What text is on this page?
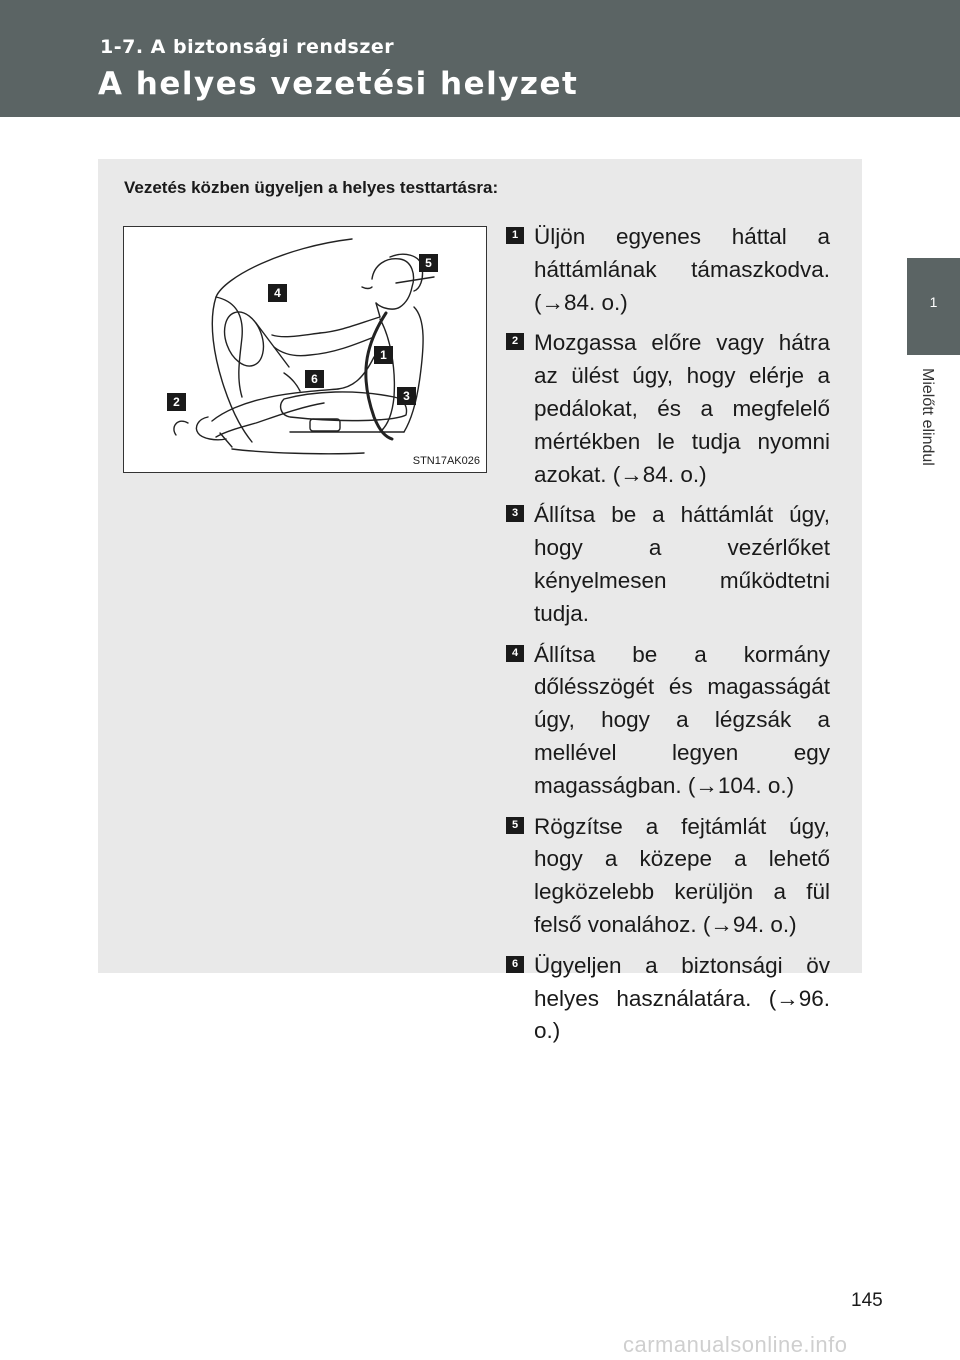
1-7. A biztonsági rendszer
A helyes vezetési helyzet
1
Mielőtt elindul
Vezetés közben ügyeljen a helyes testtartásra:
4
5
1
6
3
2
STN17AK026
1 Üljön egyenes háttal a háttámlának támaszkodva. (→84. o.)
2 Mozgassa előre vagy hátra az ülést úgy, hogy elérje a pedálokat, és a megfelelő mértékben le tudja nyomni azokat. (→84. o.)
3 Állítsa be a háttámlát úgy, hogy a vezérlőket kényelmesen működtetni tudja.
4 Állítsa be a kormány dőlésszögét és magasságát úgy, hogy a légzsák a mellével legyen egy magasságban. (→104. o.)
5 Rögzítse a fejtámlát úgy, hogy a közepe a lehető legközelebb kerüljön a fül felső vonalához. (→94. o.)
6 Ügyeljen a biztonsági öv helyes használatára. (→96. o.)
145
carmanualsonline.info
